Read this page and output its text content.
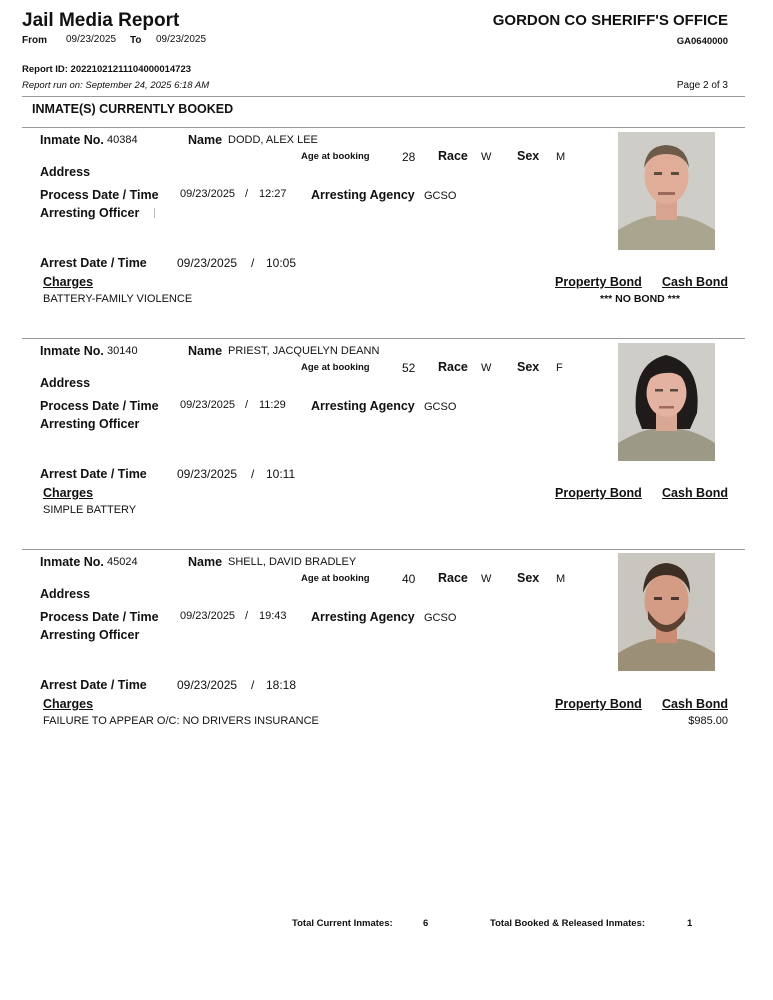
Jail Media Report	GORDON CO SHERIFF'S OFFICE
From 09/23/2025 To 09/23/2025	GA0640000
Report ID: 20221021211104000014723
Report run on: September 24, 2025 6:18 AM	Page 2 of 3
INMATE(S) CURRENTLY BOOKED
Inmate No. 40384	Name DODD, ALEX LEE
Age at booking	28 Race W Sex M
Address
Process Date / Time 09/23/2025 / 12:27 Arresting Agency GCSO
Arresting Officer
Arrest Date / Time	09/23/2025 / 10:05
Charges	Property Bond Cash Bond
BATTERY-FAMILY VIOLENCE	*** NO BOND ***
Inmate No. 30140	Name PRIEST, JACQUELYN DEANN
Age at booking	52 Race W Sex F
Address
Process Date / Time 09/23/2025 / 11:29 Arresting Agency GCSO
Arresting Officer
Arrest Date / Time	09/23/2025 / 10:11
Charges	Property Bond Cash Bond
SIMPLE BATTERY
Inmate No. 45024	Name SHELL, DAVID BRADLEY
Age at booking	40 Race W Sex M
Address
Process Date / Time 09/23/2025 / 19:43 Arresting Agency GCSO
Arresting Officer
Arrest Date / Time	09/23/2025 / 18:18
Charges	Property Bond Cash Bond
FAILURE TO APPEAR O/C: NO DRIVERS INSURANCE	$985.00
Total Current Inmates:	6	Total Booked & Released Inmates:	1
